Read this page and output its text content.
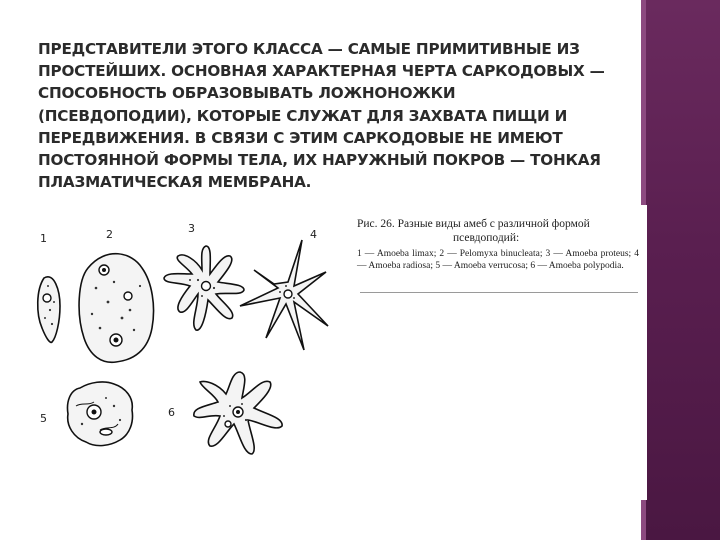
ПРЕДСТАВИТЕЛИ ЭТОГО КЛАССА — САМЫЕ ПРИМИТИВНЫЕ ИЗ ПРОСТЕЙШИХ. ОСНОВНАЯ ХАРАКТЕРНАЯ ЧЕРТА САРКОДОВЫХ — СПОСОБНОСТЬ ОБРАЗОВЫВАТЬ ЛОЖНОНОЖКИ (ПСЕВДОПОДИИ), КОТОРЫЕ СЛУЖАТ ДЛЯ ЗАХВАТА ПИЩИ И ПЕРЕДВИЖЕНИЯ. В СВЯЗИ С ЭТИМ САРКОДОВЫЕ НЕ ИМЕЮТ ПОСТОЯННОЙ ФОРМЫ ТЕЛА, ИХ НАРУЖНЫЙ ПОКРОВ — ТОНКАЯ ПЛАЗМАТИЧЕСКАЯ МЕМБРАНА.

1	2	3	4
5	6

Рис. 26. Разные виды амеб с различной формой

псевдоподий:

1 — Amoeba limax; 2 — Pelomyxa binucleata; 3 — Amoeba proteus; 4 — Amoeba radiosa; 5 — Amoeba verrucosa; 6 — Amoeba polypodia.
